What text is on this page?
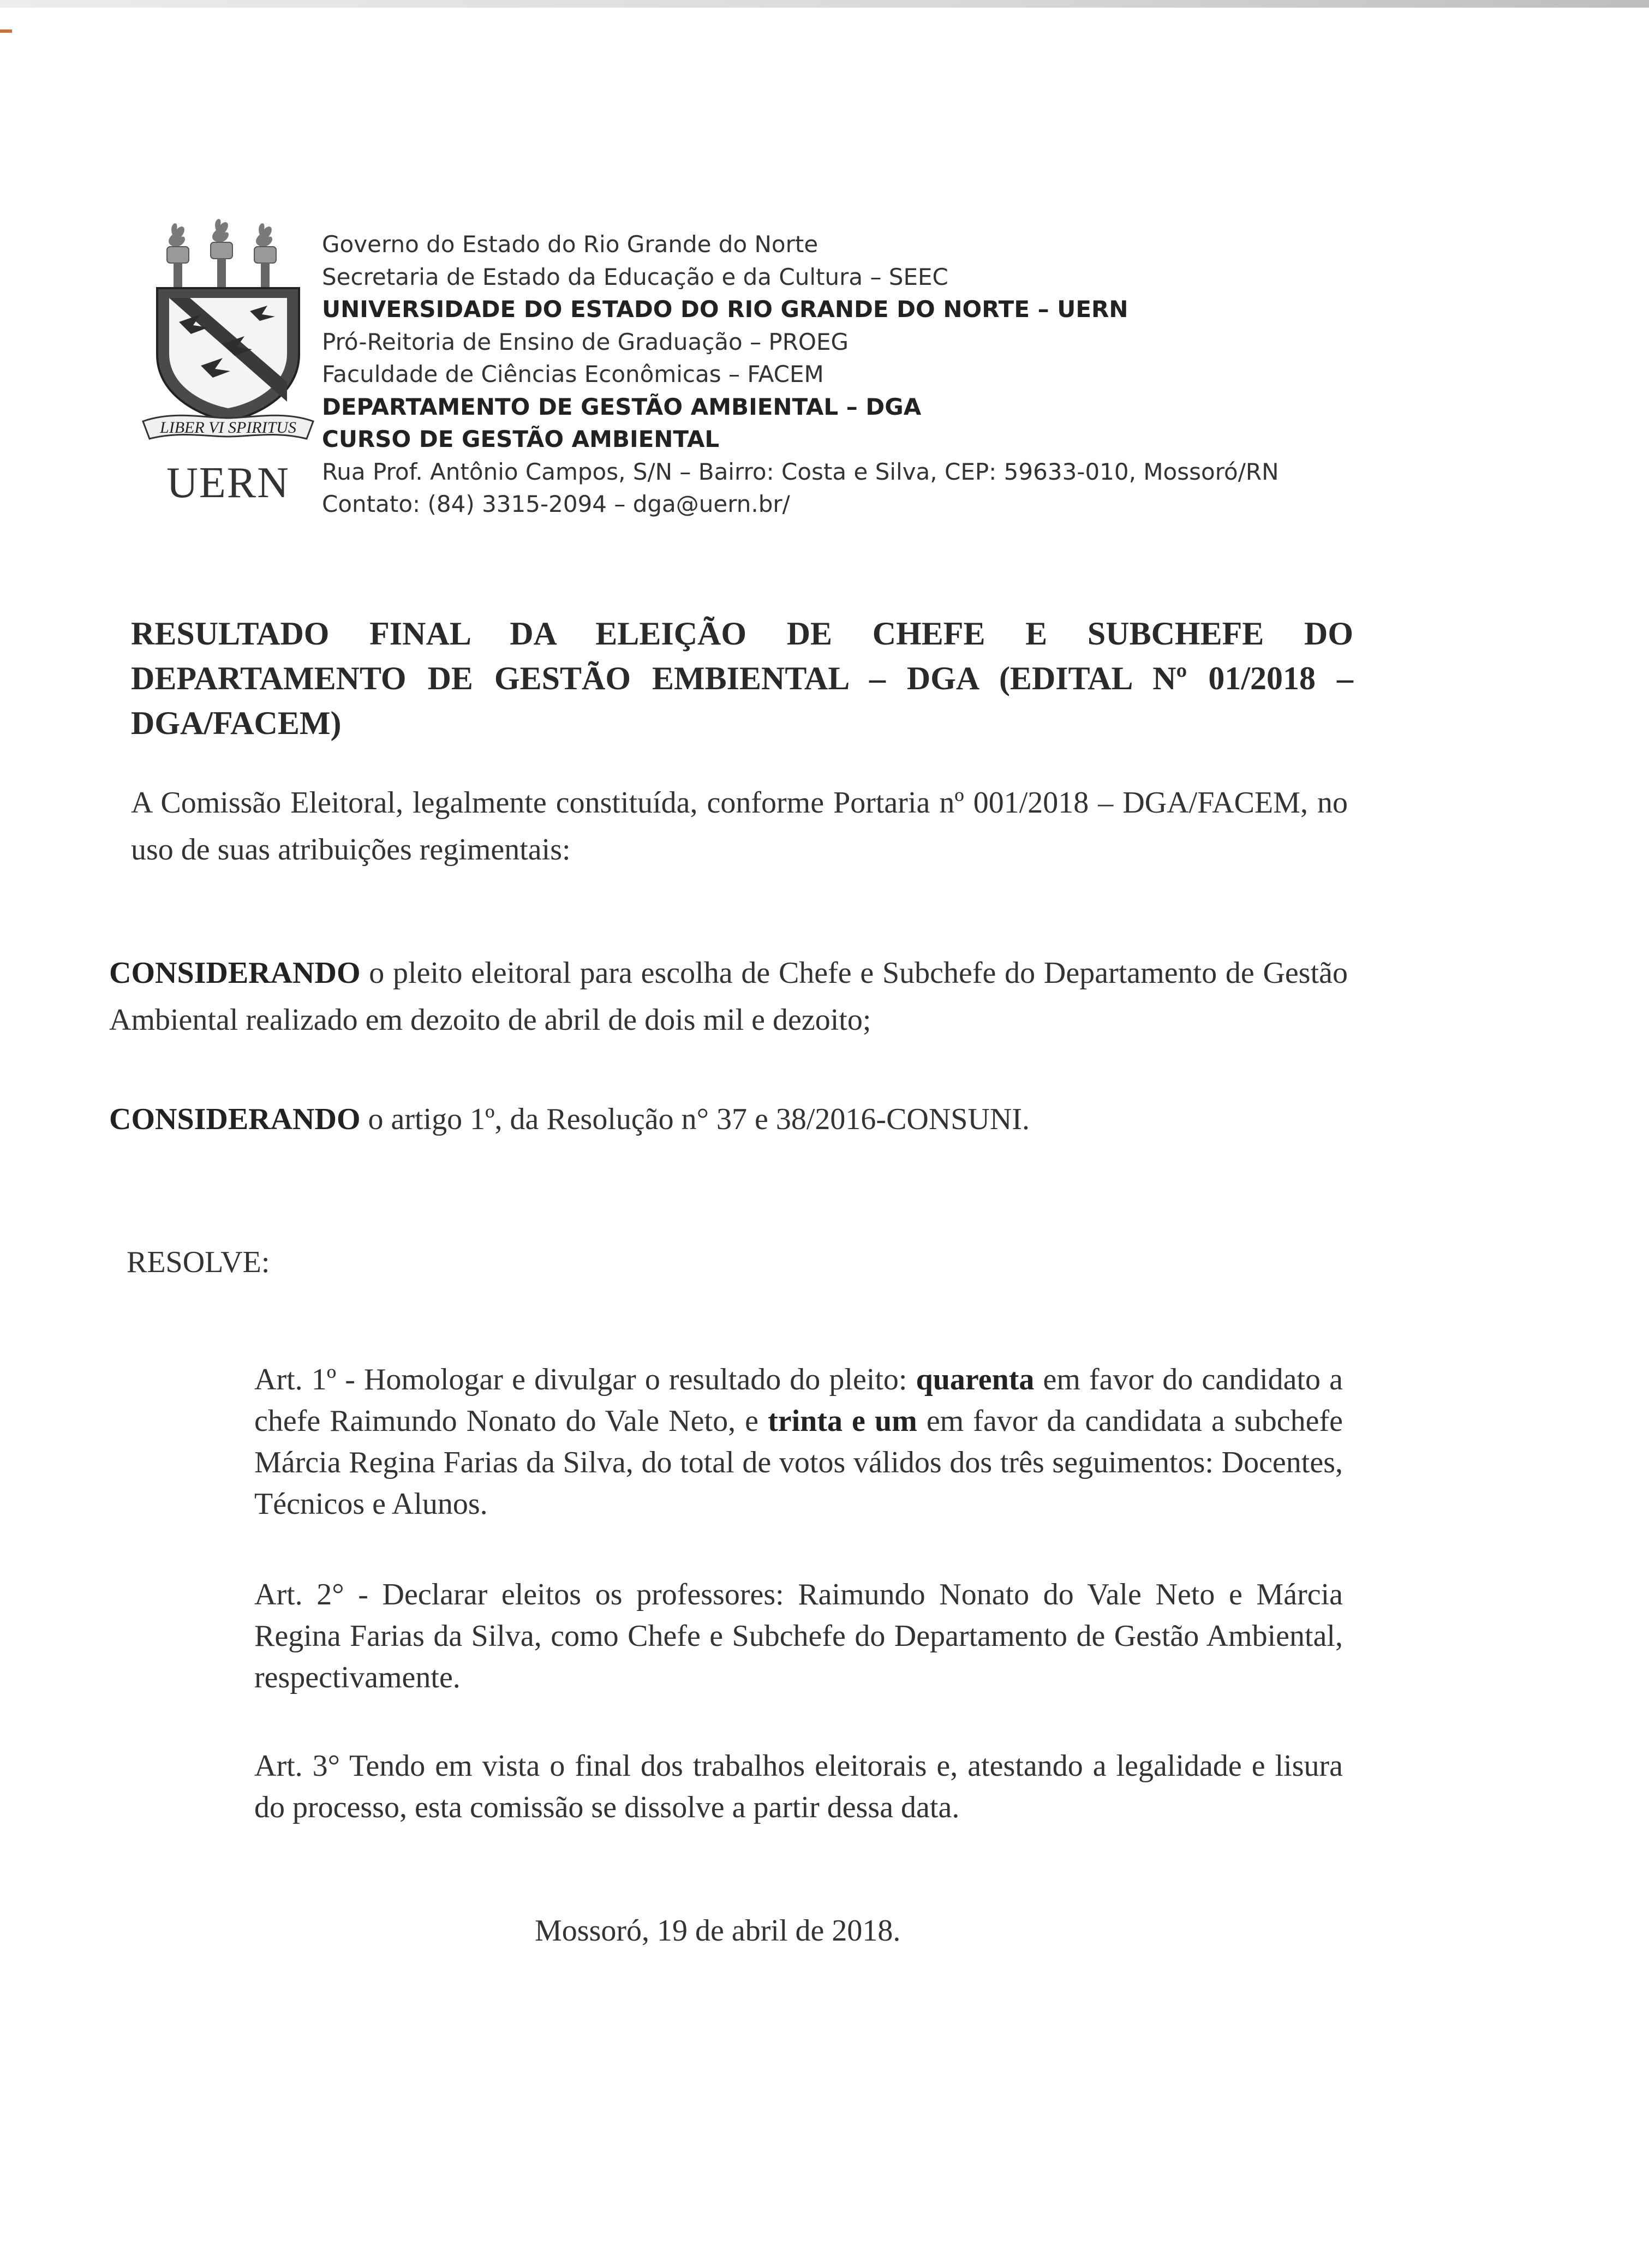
LIBER VI SPIRITUS
UERN
Governo do Estado do Rio Grande do Norte
Secretaria de Estado da Educação e da Cultura – SEEC
UNIVERSIDADE DO ESTADO DO RIO GRANDE DO NORTE – UERN
Pró-Reitoria de Ensino de Graduação – PROEG
Faculdade de Ciências Econômicas – FACEM
DEPARTAMENTO DE GESTÃO AMBIENTAL – DGA
CURSO DE GESTÃO AMBIENTAL
Rua Prof. Antônio Campos, S/N – Bairro: Costa e Silva, CEP: 59633-010, Mossoró/RN
Contato: (84) 3315-2094 – dga@uern.br/
RESULTADO FINAL DA ELEIÇÃO DE CHEFE E SUBCHEFE DO DEPARTAMENTO DE GESTÃO EMBIENTAL – DGA (EDITAL Nº 01/2018 –
DGA/FACEM)
A Comissão Eleitoral, legalmente constituída, conforme Portaria nº 001/2018 – DGA/FACEM, no uso de suas atribuições regimentais:
CONSIDERANDO o pleito eleitoral para escolha de Chefe e Subchefe do Departamento de Gestão Ambiental realizado em dezoito de abril de dois mil e dezoito;
CONSIDERANDO o artigo 1º, da Resolução n° 37 e 38/2016-CONSUNI.
RESOLVE:
Art. 1º - Homologar e divulgar o resultado do pleito: quarenta em favor do candidato a chefe Raimundo Nonato do Vale Neto, e trinta e um em favor da candidata a subchefe Márcia Regina Farias da Silva, do total de votos válidos dos três seguimentos: Docentes, Técnicos e Alunos.
Art. 2° - Declarar eleitos os professores: Raimundo Nonato do Vale Neto e Márcia Regina Farias da Silva, como Chefe e Subchefe do Departamento de Gestão Ambiental, respectivamente.
Art. 3° Tendo em vista o final dos trabalhos eleitorais e, atestando a legalidade e lisura do processo, esta comissão se dissolve a partir dessa data.
Mossoró, 19 de abril de 2018.
